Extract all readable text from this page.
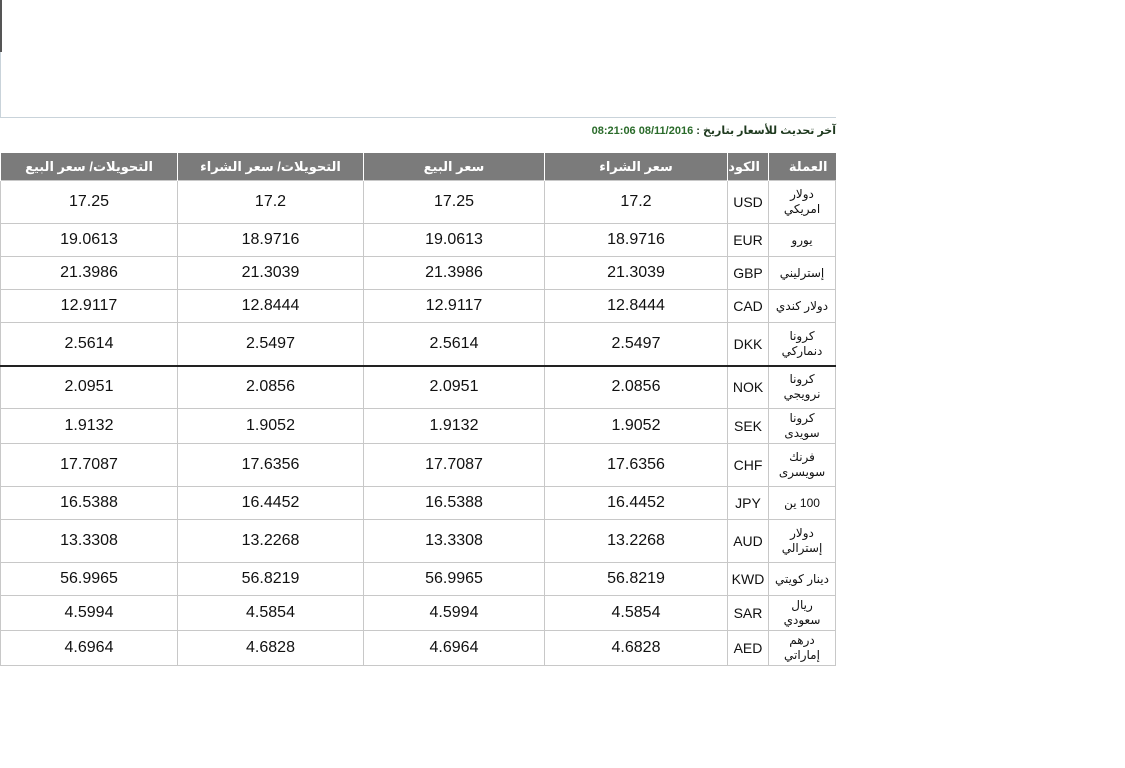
آخر تحديث للأسعار بتاريخ : 08/11/2016 08:21:06
العملة	الكود	سعر الشراء	سعر البيع	التحويلات/ سعر الشراء	التحويلات/ سعر البيع
دولار امريكي	USD	17.2	17.25	17.2	17.25
يورو	EUR	18.9716	19.0613	18.9716	19.0613
إسترليني	GBP	21.3039	21.3986	21.3039	21.3986
دولار كندي	CAD	12.8444	12.9117	12.8444	12.9117
كرونا دنماركي	DKK	2.5497	2.5614	2.5497	2.5614
كرونا نرويجي	NOK	2.0856	2.0951	2.0856	2.0951
كرونا سويدى	SEK	1.9052	1.9132	1.9052	1.9132
فرنك سويسرى	CHF	17.6356	17.7087	17.6356	17.7087
100 ين	JPY	16.4452	16.5388	16.4452	16.5388
دولار إسترالي	AUD	13.2268	13.3308	13.2268	13.3308
دينار كويتي	KWD	56.8219	56.9965	56.8219	56.9965
ريال سعودي	SAR	4.5854	4.5994	4.5854	4.5994
درهم إماراتي	AED	4.6828	4.6964	4.6828	4.6964
